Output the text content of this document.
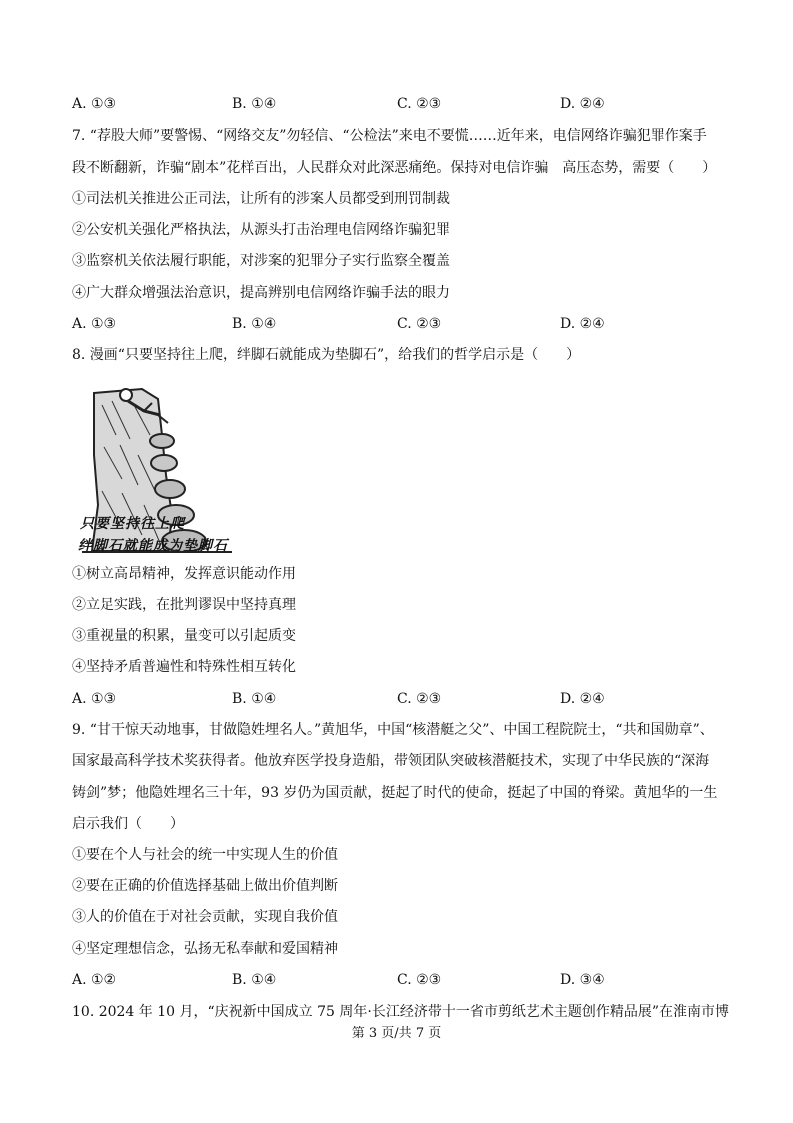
A. ①③	B. ①④	C. ②③	D. ②④
7. “荐股大师”要警惕、“网络交友”勿轻信、“公检法”来电不要慌……近年来，电信网络诈骗犯罪作案手
段不断翻新，诈骗“剧本”花样百出，人民群众对此深恶痛绝。保持对电信诈骗　高压态势，需要（　　）
①司法机关推进公正司法，让所有的涉案人员都受到刑罚制裁
②公安机关强化严格执法，从源头打击治理电信网络诈骗犯罪
③监察机关依法履行职能，对涉案的犯罪分子实行监察全覆盖
④广大群众增强法治意识，提高辨别电信网络诈骗手法的眼力
A. ①③	B. ①④	C. ②③	D. ②④
8. 漫画“只要坚持往上爬，绊脚石就能成为垫脚石”，给我们的哲学启示是（　　）
只要坚持往上爬
绊脚石就能成为垫脚石
①树立高昂精神，发挥意识能动作用
②立足实践，在批判谬误中坚持真理
③重视量的积累，量变可以引起质变
④坚持矛盾普遍性和特殊性相互转化
A. ①③	B. ①④	C. ②③	D. ②④
9. “甘干惊天动地事，甘做隐姓埋名人。”黄旭华，中国“核潜艇之父”、中国工程院院士，“共和国勋章”、
国家最高科学技术奖获得者。他放弃医学投身造船，带领团队突破核潜艇技术，实现了中华民族的“深海
铸剑”梦；他隐姓埋名三十年，93 岁仍为国贡献，挺起了时代的使命，挺起了中国的脊梁。黄旭华的一生
启示我们（　　）
①要在个人与社会的统一中实现人生的价值
②要在正确的价值选择基础上做出价值判断
③人的价值在于对社会贡献，实现自我价值
④坚定理想信念，弘扬无私奉献和爱国精神
A. ①②	B. ①④	C. ②③	D. ③④
10. 2024 年 10 月，“庆祝新中国成立 75 周年·长江经济带十一省市剪纸艺术主题创作精品展”在淮南市博
第 3 页/共 7 页
